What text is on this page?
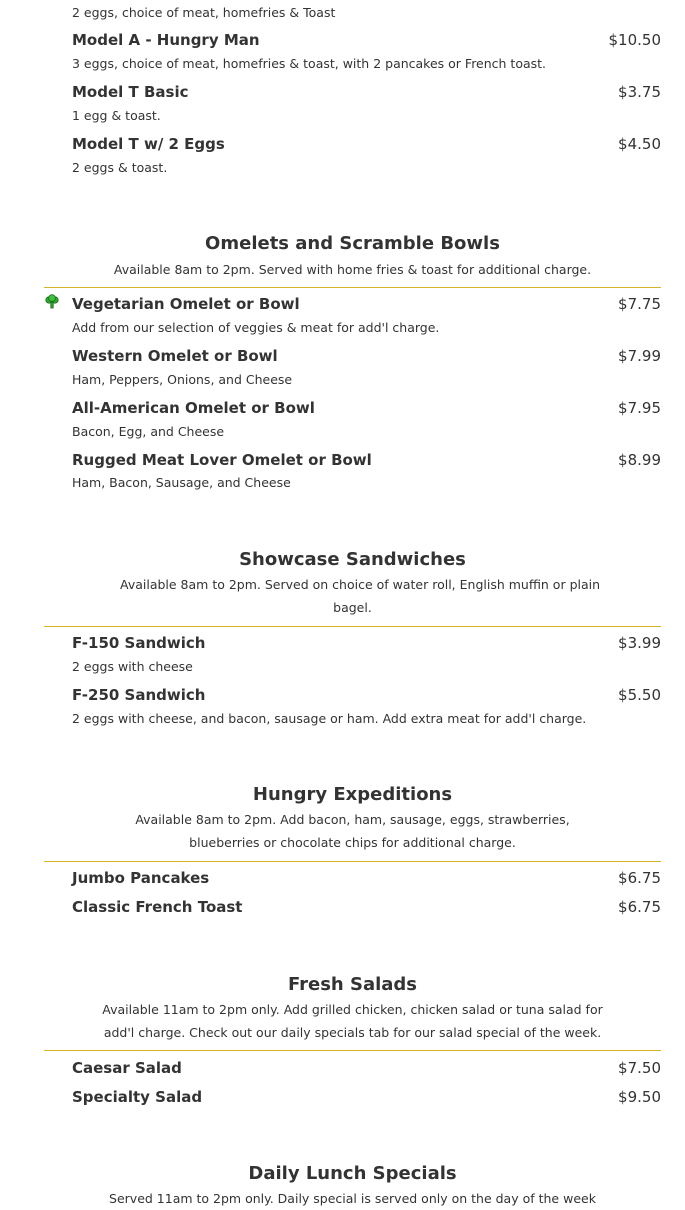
2 eggs, choice of meat, homefries & Toast
Model A - Hungry Man	$10.50
3 eggs, choice of meat, homefries & toast, with 2 pancakes or French toast.
Model T Basic	$3.75
1 egg & toast.
Model T w/ 2 Eggs	$4.50
2 eggs & toast.
Omelets and Scramble Bowls
Available 8am to 2pm. Served with home fries & toast for additional charge.
Vegetarian Omelet or Bowl	$7.75
Add from our selection of veggies & meat for add'l charge.
Western Omelet or Bowl	$7.99
Ham, Peppers, Onions, and Cheese
All-American Omelet or Bowl	$7.95
Bacon, Egg, and Cheese
Rugged Meat Lover Omelet or Bowl	$8.99
Ham, Bacon, Sausage, and Cheese
Showcase Sandwiches
Available 8am to 2pm. Served on choice of water roll, English muffin or plain
bagel.
F-150 Sandwich	$3.99
2 eggs with cheese
F-250 Sandwich	$5.50
2 eggs with cheese, and bacon, sausage or ham. Add extra meat for add'l charge.
Hungry Expeditions
Available 8am to 2pm. Add bacon, ham, sausage, eggs, strawberries,
blueberries or chocolate chips for additional charge.
Jumbo Pancakes	$6.75
Classic French Toast	$6.75
Fresh Salads
Available 11am to 2pm only. Add grilled chicken, chicken salad or tuna salad for
add'l charge. Check out our daily specials tab for our salad special of the week.
Caesar Salad	$7.50
Specialty Salad	$9.50
Daily Lunch Specials
Served 11am to 2pm only. Daily special is served only on the day of the week
